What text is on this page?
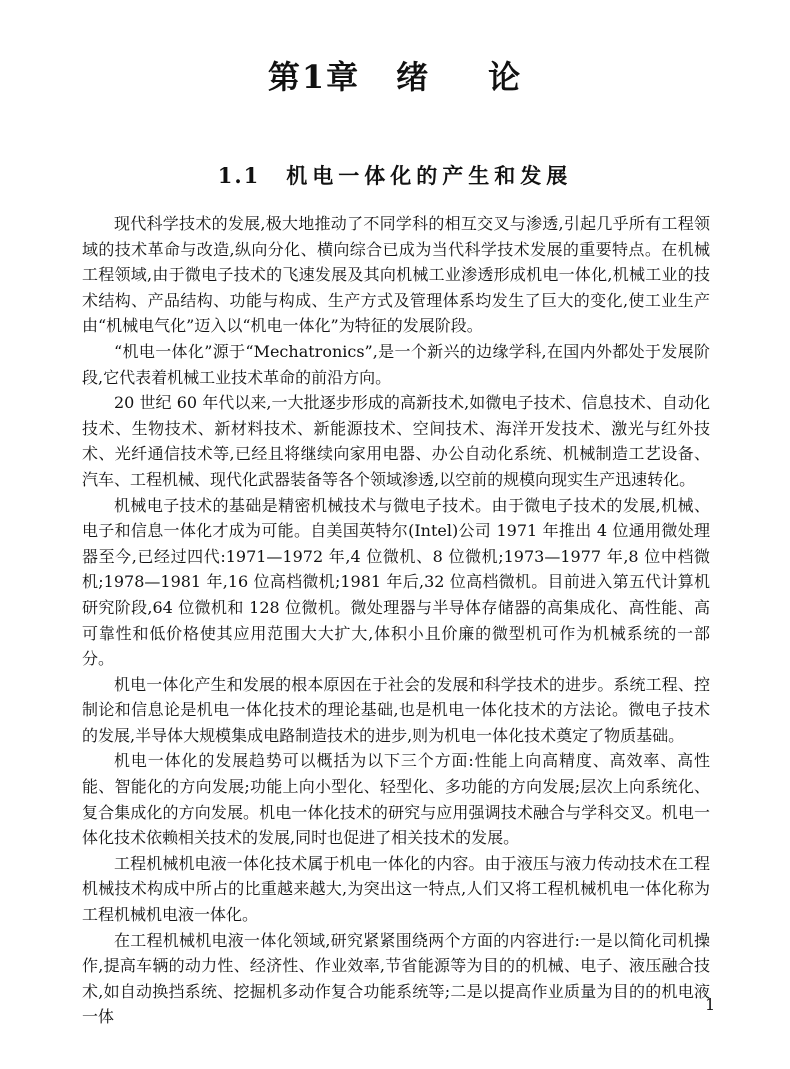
第1章 绪 论
1.1 机电一体化的产生和发展

现代科学技术的发展,极大地推动了不同学科的相互交叉与渗透,引起几乎所有工程领域的技术革命与改造,纵向分化、横向综合已成为当代科学技术发展的重要特点。在机械工程领域,由于微电子技术的飞速发展及其向机械工业渗透形成机电一体化,机械工业的技术结构、产品结构、功能与构成、生产方式及管理体系均发生了巨大的变化,使工业生产由“机械电气化”迈入以“机电一体化”为特征的发展阶段。

“机电一体化”源于“Mechatronics”,是一个新兴的边缘学科,在国内外都处于发展阶段,它代表着机械工业技术革命的前沿方向。

20 世纪 60 年代以来,一大批逐步形成的高新技术,如微电子技术、信息技术、自动化技术、生物技术、新材料技术、新能源技术、空间技术、海洋开发技术、激光与红外技术、光纤通信技术等,已经且将继续向家用电器、办公自动化系统、机械制造工艺设备、汽车、工程机械、现代化武器装备等各个领域渗透,以空前的规模向现实生产迅速转化。

机械电子技术的基础是精密机械技术与微电子技术。由于微电子技术的发展,机械、电子和信息一体化才成为可能。自美国英特尔(Intel)公司 1971 年推出 4 位通用微处理器至今,已经过四代:1971—1972 年,4 位微机、8 位微机;1973—1977 年,8 位中档微机;1978—1981 年,16 位高档微机;1981 年后,32 位高档微机。目前进入第五代计算机研究阶段,64 位微机和 128 位微机。微处理器与半导体存储器的高集成化、高性能、高可靠性和低价格使其应用范围大大扩大,体积小且价廉的微型机可作为机械系统的一部分。

机电一体化产生和发展的根本原因在于社会的发展和科学技术的进步。系统工程、控制论和信息论是机电一体化技术的理论基础,也是机电一体化技术的方法论。微电子技术的发展,半导体大规模集成电路制造技术的进步,则为机电一体化技术奠定了物质基础。

机电一体化的发展趋势可以概括为以下三个方面:性能上向高精度、高效率、高性能、智能化的方向发展;功能上向小型化、轻型化、多功能的方向发展;层次上向系统化、复合集成化的方向发展。机电一体化技术的研究与应用强调技术融合与学科交叉。机电一体化技术依赖相关技术的发展,同时也促进了相关技术的发展。

工程机械机电液一体化技术属于机电一体化的内容。由于液压与液力传动技术在工程机械技术构成中所占的比重越来越大,为突出这一特点,人们又将工程机械机电一体化称为工程机械机电液一体化。

在工程机械机电液一体化领域,研究紧紧围绕两个方面的内容进行:一是以简化司机操作,提高车辆的动力性、经济性、作业效率,节省能源等为目的的机械、电子、液压融合技术,如自动换挡系统、挖掘机多动作复合功能系统等;二是以提高作业质量为目的的机电液一体

1
